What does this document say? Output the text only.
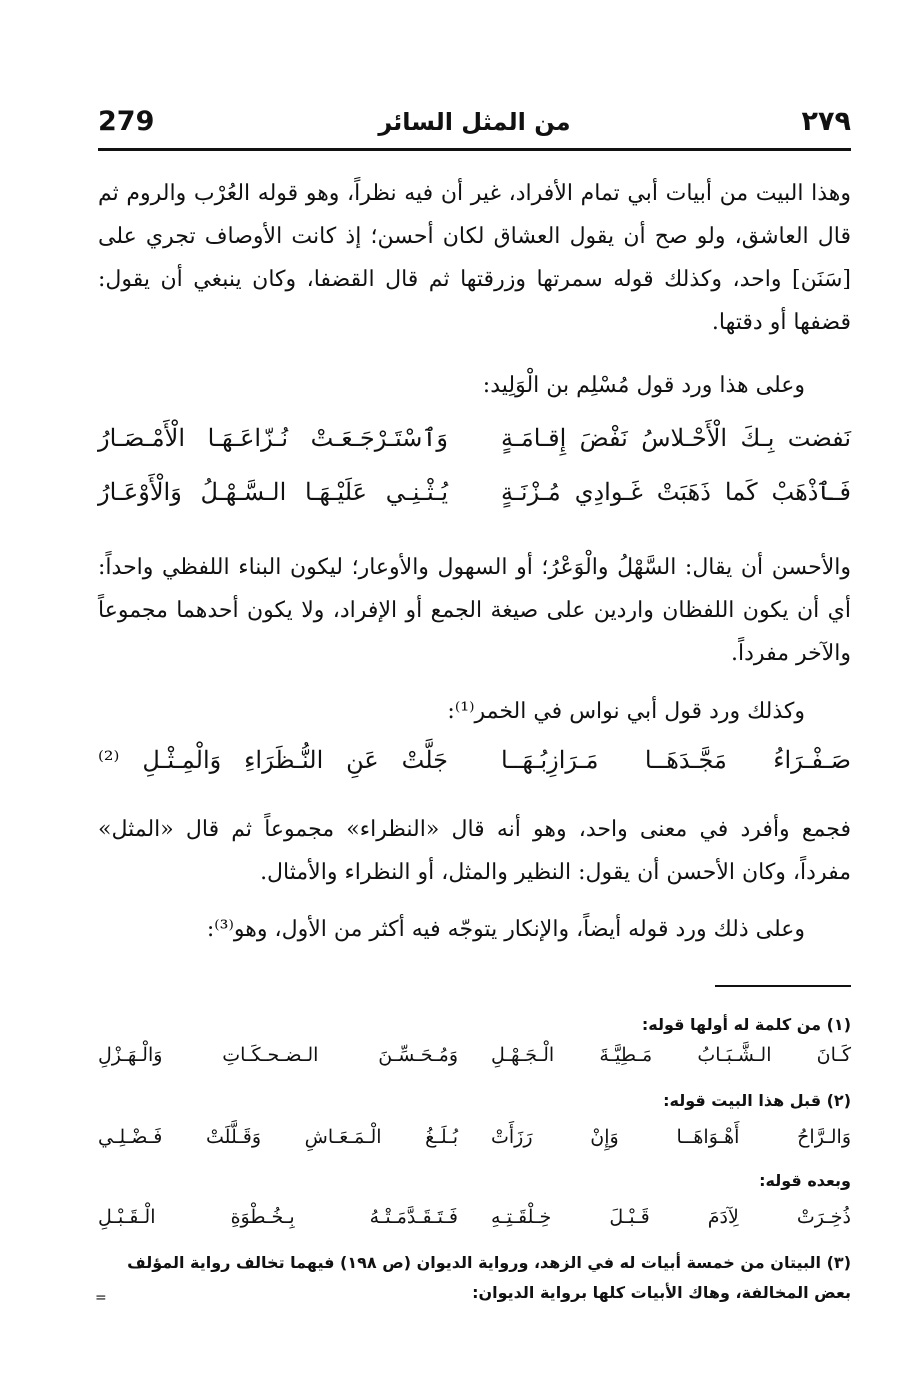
279	من المثل السائر	٢٧٩

وهذا البيت من أبيات أبي تمام الأفراد، غير أن فيه نظراً، وهو قوله العُرْب والروم ثم قال العاشق، ولو صح أن يقول العشاق لكان أحسن؛ إذ كانت الأوصاف تجري على [سَنَن] واحد، وكذلك قوله سمرتها وزرقتها ثم قال القضفا، وكان ينبغي أن يقول: قضفها أو دقتها.

وعلى هذا ورد قول مُسْلِم بن الْوَلِيد:

نَفضت بِـكَ الْأَحْـلاسُ نَفْضَ إِقـامَـةٍ
وَٱسْتَـرْجَـعَـتْ نُـزّاعَـهَـا الْأَمْـصَـارُ
فَـٱذْهَبْ كَما ذَهَبَتْ غَـوادِي مُـزْنَـةٍ
يُـثْـنِـي عَلَيْـهَـا الـسَّـهْـلُ وَالْأَوْعَـارُ

والأحسن أن يقال: السَّهْلُ والْوَعْرُ؛ أو السهول والأوعار؛ ليكون البناء اللفظي واحداً: أي أن يكون اللفظان واردين على صيغة الجمع أو الإفراد، ولا يكون أحدهما مجموعاً والآخر مفرداً.

وكذلك ورد قول أبي نواس في الخمر⁽¹⁾:

صَـفْـرَاءُ مَجَّـدَهَــا مَـرَازِبُـهَــا
جَلَّتْ عَنِ النُّـظَرَاءِ وَالْمِـثْـلِ ⁽²⁾

فجمع وأفرد في معنى واحد، وهو أنه قال «النظراء» مجموعاً ثم قال «المثل» مفرداً، وكان الأحسن أن يقول: النظير والمثل، أو النظراء والأمثال.

وعلى ذلك ورد قوله أيضاً، والإنكار يتوجّه فيه أكثر من الأول، وهو⁽³⁾:

(١) من كلمة له أولها قوله:
كَـانَ الـشَّـبَـابُ مَـطِيَّـةَ الْـجَـهْـلِ
وَمُـحَـسِّـنَ الـضـحـكَـاتِ وَالْـهَـزْلِ
(٢) قبل هذا البيت قوله:
وَالـرَّاحُ أَهْـوَاهَــا وَإِنْ رَزَأَتْ
بُـلَـغُ الْـمَـعَـاشِ وَقَـلَّلَتْ فَـضْـلِـي
وبعده قوله:
ذُخِـرَتْ لِآدَمَ قَـبْـلَ خِـلْقَـتِـهِ
فَـتَـقَـدَّمَـتْـهُ بِـخُـطْوَةِ الْـقَـبْـلِ
(٣) البيتان من خمسة أبيات له في الزهد، ورواية الديوان (ص ١٩٨) فيهما تخالف رواية المؤلف بعض المخالفة، وهاك الأبيات كلها برواية الديوان:
=
